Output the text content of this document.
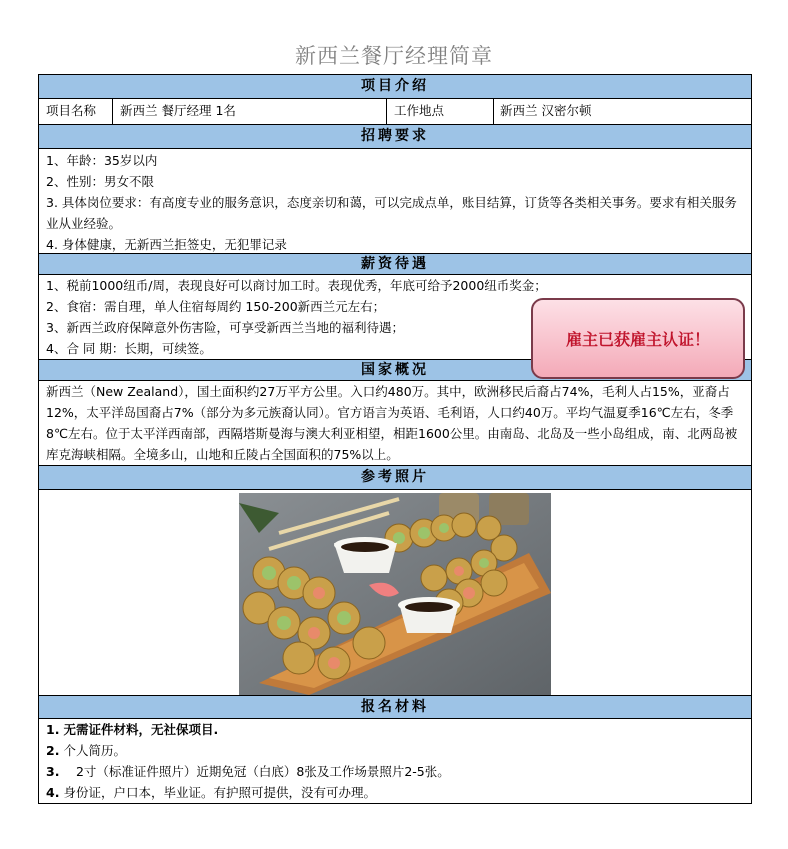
新西兰餐厅经理简章
项目介绍
项目名称 新西兰 餐厅经理 1名	工作地点	新西兰 汉密尔顿
招聘要求
1、年龄：35岁以内
2、性别：男女不限
3. 具体岗位要求：有高度专业的服务意识，态度亲切和蔼，可以完成点单，账目结算，订货等各类相关事务。要求有相关服务业从业经验。
4. 身体健康，无新西兰拒签史，无犯罪记录
薪资待遇
1、税前1000纽币/周，表现良好可以商讨加工时。表现优秀，年底可给予2000纽币奖金；
2、食宿：需自理，单人住宿每周约 150-200新西兰元左右；
3、新西兰政府保障意外伤害险，可享受新西兰当地的福利待遇；
4、合 同 期：长期，可续签。
国家概况
新西兰（New Zealand），国土面积约27万平方公里。入口约480万。其中，欧洲移民后裔占74%，毛利人占15%，亚裔占12%，太平洋岛国裔占7%（部分为多元族裔认同）。官方语言为英语、毛利语，人口约40万。平均气温夏季16℃左右，冬季8℃左右。位于太平洋西南部，西隔塔斯曼海与澳大利亚相望，相距1600公里。由南岛、北岛及一些小岛组成，南、北两岛被库克海峡相隔。全境多山，山地和丘陵占全国面积的75%以上。
参考照片
报名材料
1. 无需证件材料，无社保项目.
2. 个人简历。
3. 　2寸（标准证件照片）近期免冠（白底）8张及工作场景照片2-5张。
4. 身份证，户口本，毕业证。有护照可提供，没有可办理。
雇主已获雇主认证！
